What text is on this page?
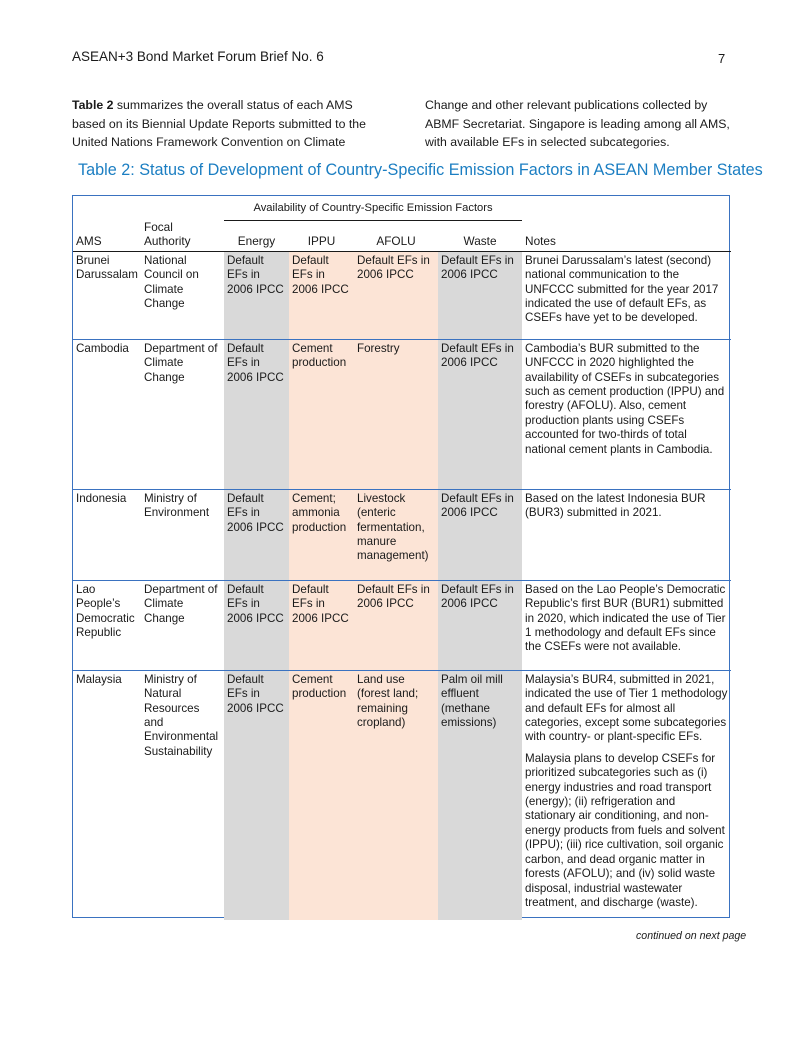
ASEAN+3 Bond Market Forum Brief No. 6	7

Table 2 summarizes the overall status of each AMS based on its Biennial Update Reports submitted to the United Nations Framework Convention on Climate

Change and other relevant publications collected by ABMF Secretariat. Singapore is leading among all AMS, with available EFs in selected subcategories.

Table 2: Status of Development of Country-Specific Emission Factors in ASEAN Member States
		Availability of Country-Specific Emission Factors				
AMS	Focal Authority	Energy	IPPU	AFOLU	Waste	Notes
Brunei Darussalam	National Council on Climate Change	Default EFs in 2006 IPCC	Default EFs in 2006 IPCC	Default EFs in 2006 IPCC	Default EFs in 2006 IPCC	Brunei Darussalam’s latest (second) national communication to the UNFCCC submitted for the year 2017 indicated the use of default EFs, as CSEFs have yet to be developed.

Cambodia	Department of Climate Change	Default EFs in 2006 IPCC	Cement production	Forestry	Default EFs in 2006 IPCC	Cambodia’s BUR submitted to the UNFCCC in 2020 highlighted the availability of CSEFs in subcategories such as cement production (IPPU) and forestry (AFOLU). Also, cement production plants using CSEFs accounted for two-thirds of total national cement plants in Cambodia.

Indonesia	Ministry of Environment	Default EFs in 2006 IPCC	Cement; ammonia production	Livestock (enteric fermentation, manure management)	Default EFs in 2006 IPCC	Based on the latest Indonesia BUR (BUR3) submitted in 2021.

Lao People’s Democratic Republic	Department of Climate Change	Default EFs in 2006 IPCC	Default EFs in 2006 IPCC	Default EFs in 2006 IPCC	Default EFs in 2006 IPCC	Based on the Lao People’s Democratic Republic’s first BUR (BUR1) submitted in 2020, which indicated the use of Tier 1 methodology and default EFs since the CSEFs were not available.

Malaysia	Ministry of Natural Resources and Environmental Sustainability	Default EFs in 2006 IPCC	Cement production	Land use (forest land; remaining cropland)	Palm oil mill effluent (methane emissions)	Malaysia’s BUR4, submitted in 2021, indicated the use of Tier 1 methodology and default EFs for almost all categories, except some subcategories with country- or plant-specific EFs.

Malaysia plans to develop CSEFs for prioritized subcategories such as (i) energy industries and road transport (energy); (ii) refrigeration and stationary air conditioning, and non-energy products from fuels and solvent (IPPU); (iii) rice cultivation, soil organic carbon, and dead organic matter in forests (AFOLU); and (iv) solid waste disposal, industrial wastewater treatment, and discharge (waste).

continued on next page
